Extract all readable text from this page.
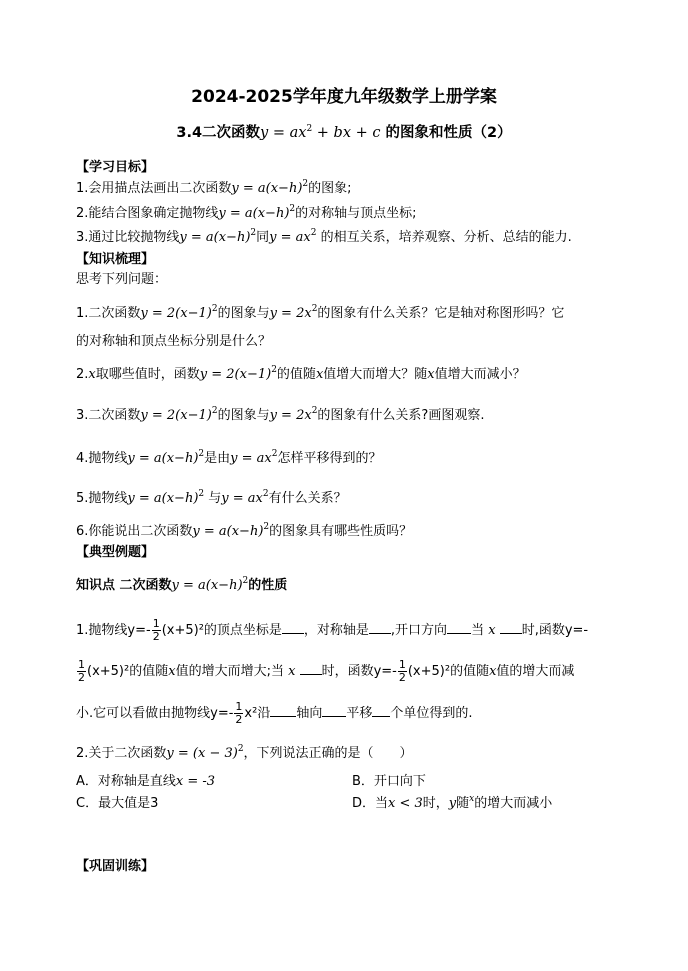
2024-2025学年度九年级数学上册学案
3.4二次函数$y = ax^2$ + bx + c 的图象和性质（2）
【学习目标】
1.会用描点法画出二次函数$y = a(x-h)^2$的图象;
2.能结合图象确定抛物线$y = a(x-h)^2$的对称轴与顶点坐标;
3.通过比较抛物线$y = a(x-h)^2$同$y = ax^2$ 的相互关系，培养观察、分析、总结的能力.
【知识梳理】
思考下列问题：
1.二次函数$y = 2(x-1)^2$的图象与$y = 2x^2$的图象有什么关系？它是轴对称图形吗？它
的对称轴和顶点坐标分别是什么？
2.x取哪些值时，函数$y = 2(x-1)^2$的值随x值增大而增大？随x值增大而减小？
3.二次函数$y = 2(x-1)^2$的图象与$y = 2x^2$的图象有什么关系?画图观察.
4.抛物线$y = a(x-h)^2$是由$y = ax^2$怎样平移得到的？
5.抛物线$y = a(x-h)^2$ 与$y = ax^2$有什么关系？
6.你能说出二次函数$y = a(x-h)^2$的图象具有哪些性质吗？
【典型例题】
知识点 二次函数$y = a(x-h)^2$的性质
1.抛物线$y=- \frac{1}{2} (x+5)^2$的顶点坐标是 ，对称轴是 ,开口方向 当 x 时,函数y=-
$\frac{1}{2} (x+5)^2$的值随x值的增大而增大;当 x 时，函数$y=- \frac{1}{2} (x+5)^2$的值随x值的增大而减
小.它可以看做由抛物线$y=- \frac{1}{2} x^2$沿 轴向 平移 个单位得到的.
2.关于二次函数$y = (x - 3)^2$，下列说法正确的是（　　）
A．对称轴是直线x = -3	B．开口向下
C．最大值是3	D．当x < 3时，y随$^x$的增大而减小
【巩固训练】
